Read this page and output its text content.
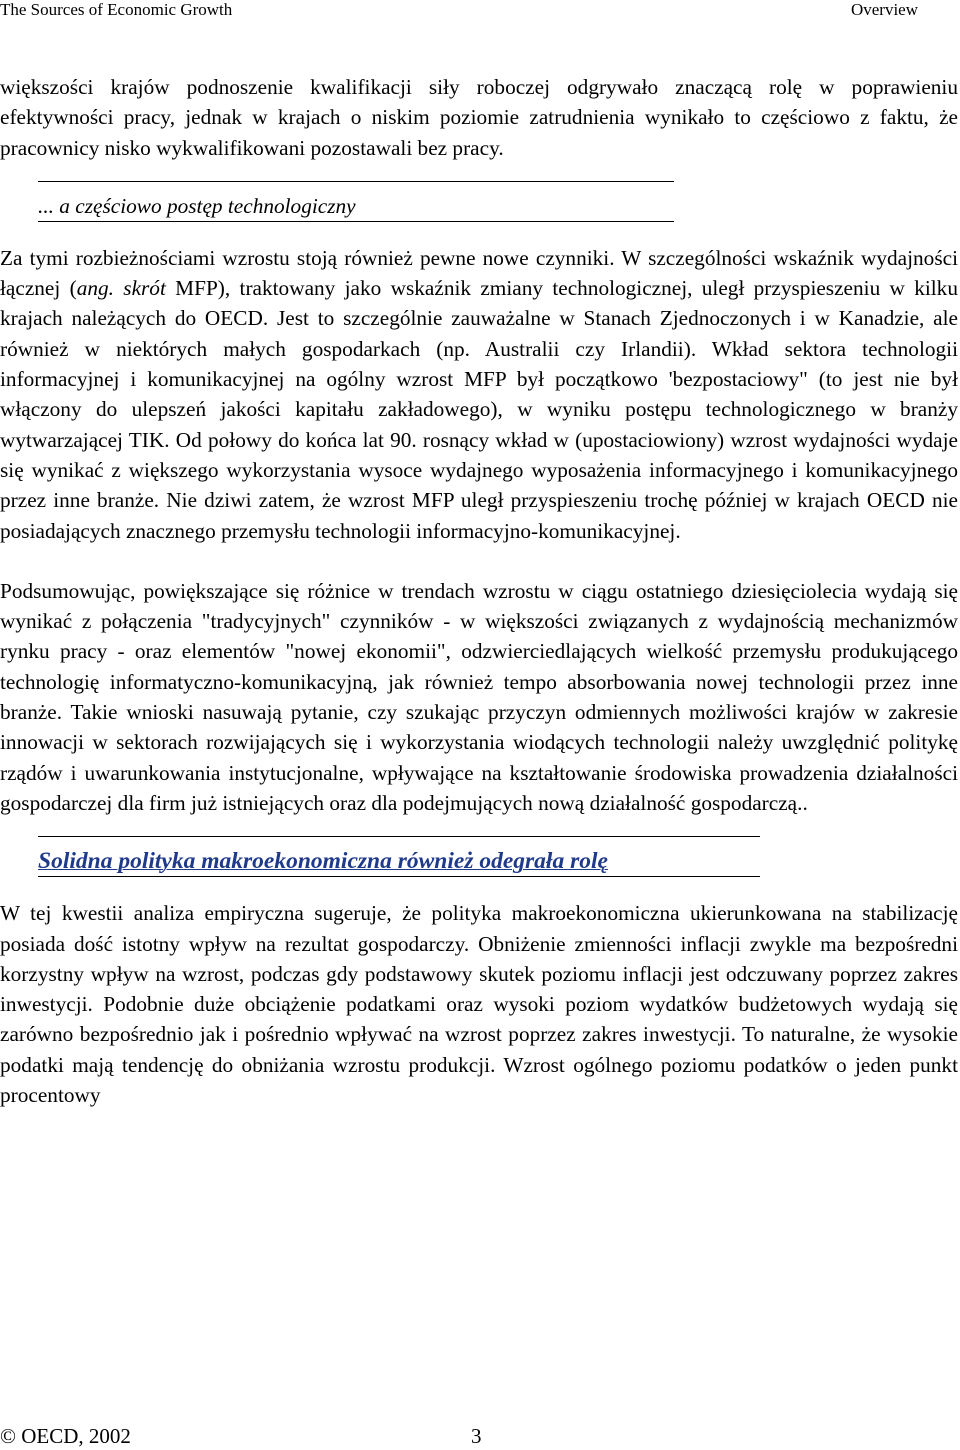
The Sources of Economic Growth	Overview

większości krajów podnoszenie kwalifikacji siły roboczej odgrywało znaczącą rolę w poprawieniu efektywności pracy, jednak w krajach o niskim poziomie zatrudnienia wynikało to częściowo z faktu, że pracownicy nisko wykwalifikowani pozostawali bez pracy.

... a częściowo postęp technologiczny

Za tymi rozbieżnościami wzrostu stoją również pewne nowe czynniki. W szczególności wskaźnik wydajności łącznej (ang. skrót MFP), traktowany jako wskaźnik zmiany technologicznej, uległ przyspieszeniu w kilku krajach należących do OECD. Jest to szczególnie zauważalne w Stanach Zjednoczonych i w Kanadzie, ale również w niektórych małych gospodarkach (np. Australii czy Irlandii). Wkład sektora technologii informacyjnej i komunikacyjnej na ogólny wzrost MFP był początkowo 'bezpostaciowy" (to jest nie był włączony do ulepszeń jakości kapitału zakładowego), w wyniku postępu technologicznego w branży wytwarzającej TIK. Od połowy do końca lat 90. rosnący wkład w (upostaciowiony) wzrost wydajności wydaje się wynikać z większego wykorzystania wysoce wydajnego wyposażenia informacyjnego i komunikacyjnego przez inne branże. Nie dziwi zatem, że wzrost MFP uległ przyspieszeniu trochę później w krajach OECD nie posiadających znacznego przemysłu technologii informacyjno-komunikacyjnej.

Podsumowując, powiększające się różnice w trendach wzrostu w ciągu ostatniego dziesięciolecia wydają się wynikać z połączenia "tradycyjnych" czynników - w większości związanych z wydajnością mechanizmów rynku pracy - oraz elementów "nowej ekonomii", odzwierciedlających wielkość przemysłu produkującego technologię informatyczno-komunikacyjną, jak również tempo absorbowania nowej technologii przez inne branże. Takie wnioski nasuwają pytanie, czy szukając przyczyn odmiennych możliwości krajów w zakresie innowacji w sektorach rozwijających się i wykorzystania wiodących technologii należy uwzględnić politykę rządów i uwarunkowania instytucjonalne, wpływające na kształtowanie środowiska prowadzenia działalności gospodarczej dla firm już istniejących oraz dla podejmujących nową działalność gospodarczą..

Solidna polityka makroekonomiczna również odegrała rolę

W tej kwestii analiza empiryczna sugeruje, że polityka makroekonomiczna ukierunkowana na stabilizację posiada dość istotny wpływ na rezultat gospodarczy. Obniżenie zmienności inflacji zwykle ma bezpośredni korzystny wpływ na wzrost, podczas gdy podstawowy skutek poziomu inflacji jest odczuwany poprzez zakres inwestycji. Podobnie duże obciążenie podatkami oraz wysoki poziom wydatków budżetowych wydają się zarówno bezpośrednio jak i pośrednio wpływać na wzrost poprzez zakres inwestycji. To naturalne, że wysokie podatki mają tendencję do obniżania wzrostu produkcji. Wzrost ogólnego poziomu podatków o jeden punkt procentowy

© OECD, 2002	3
